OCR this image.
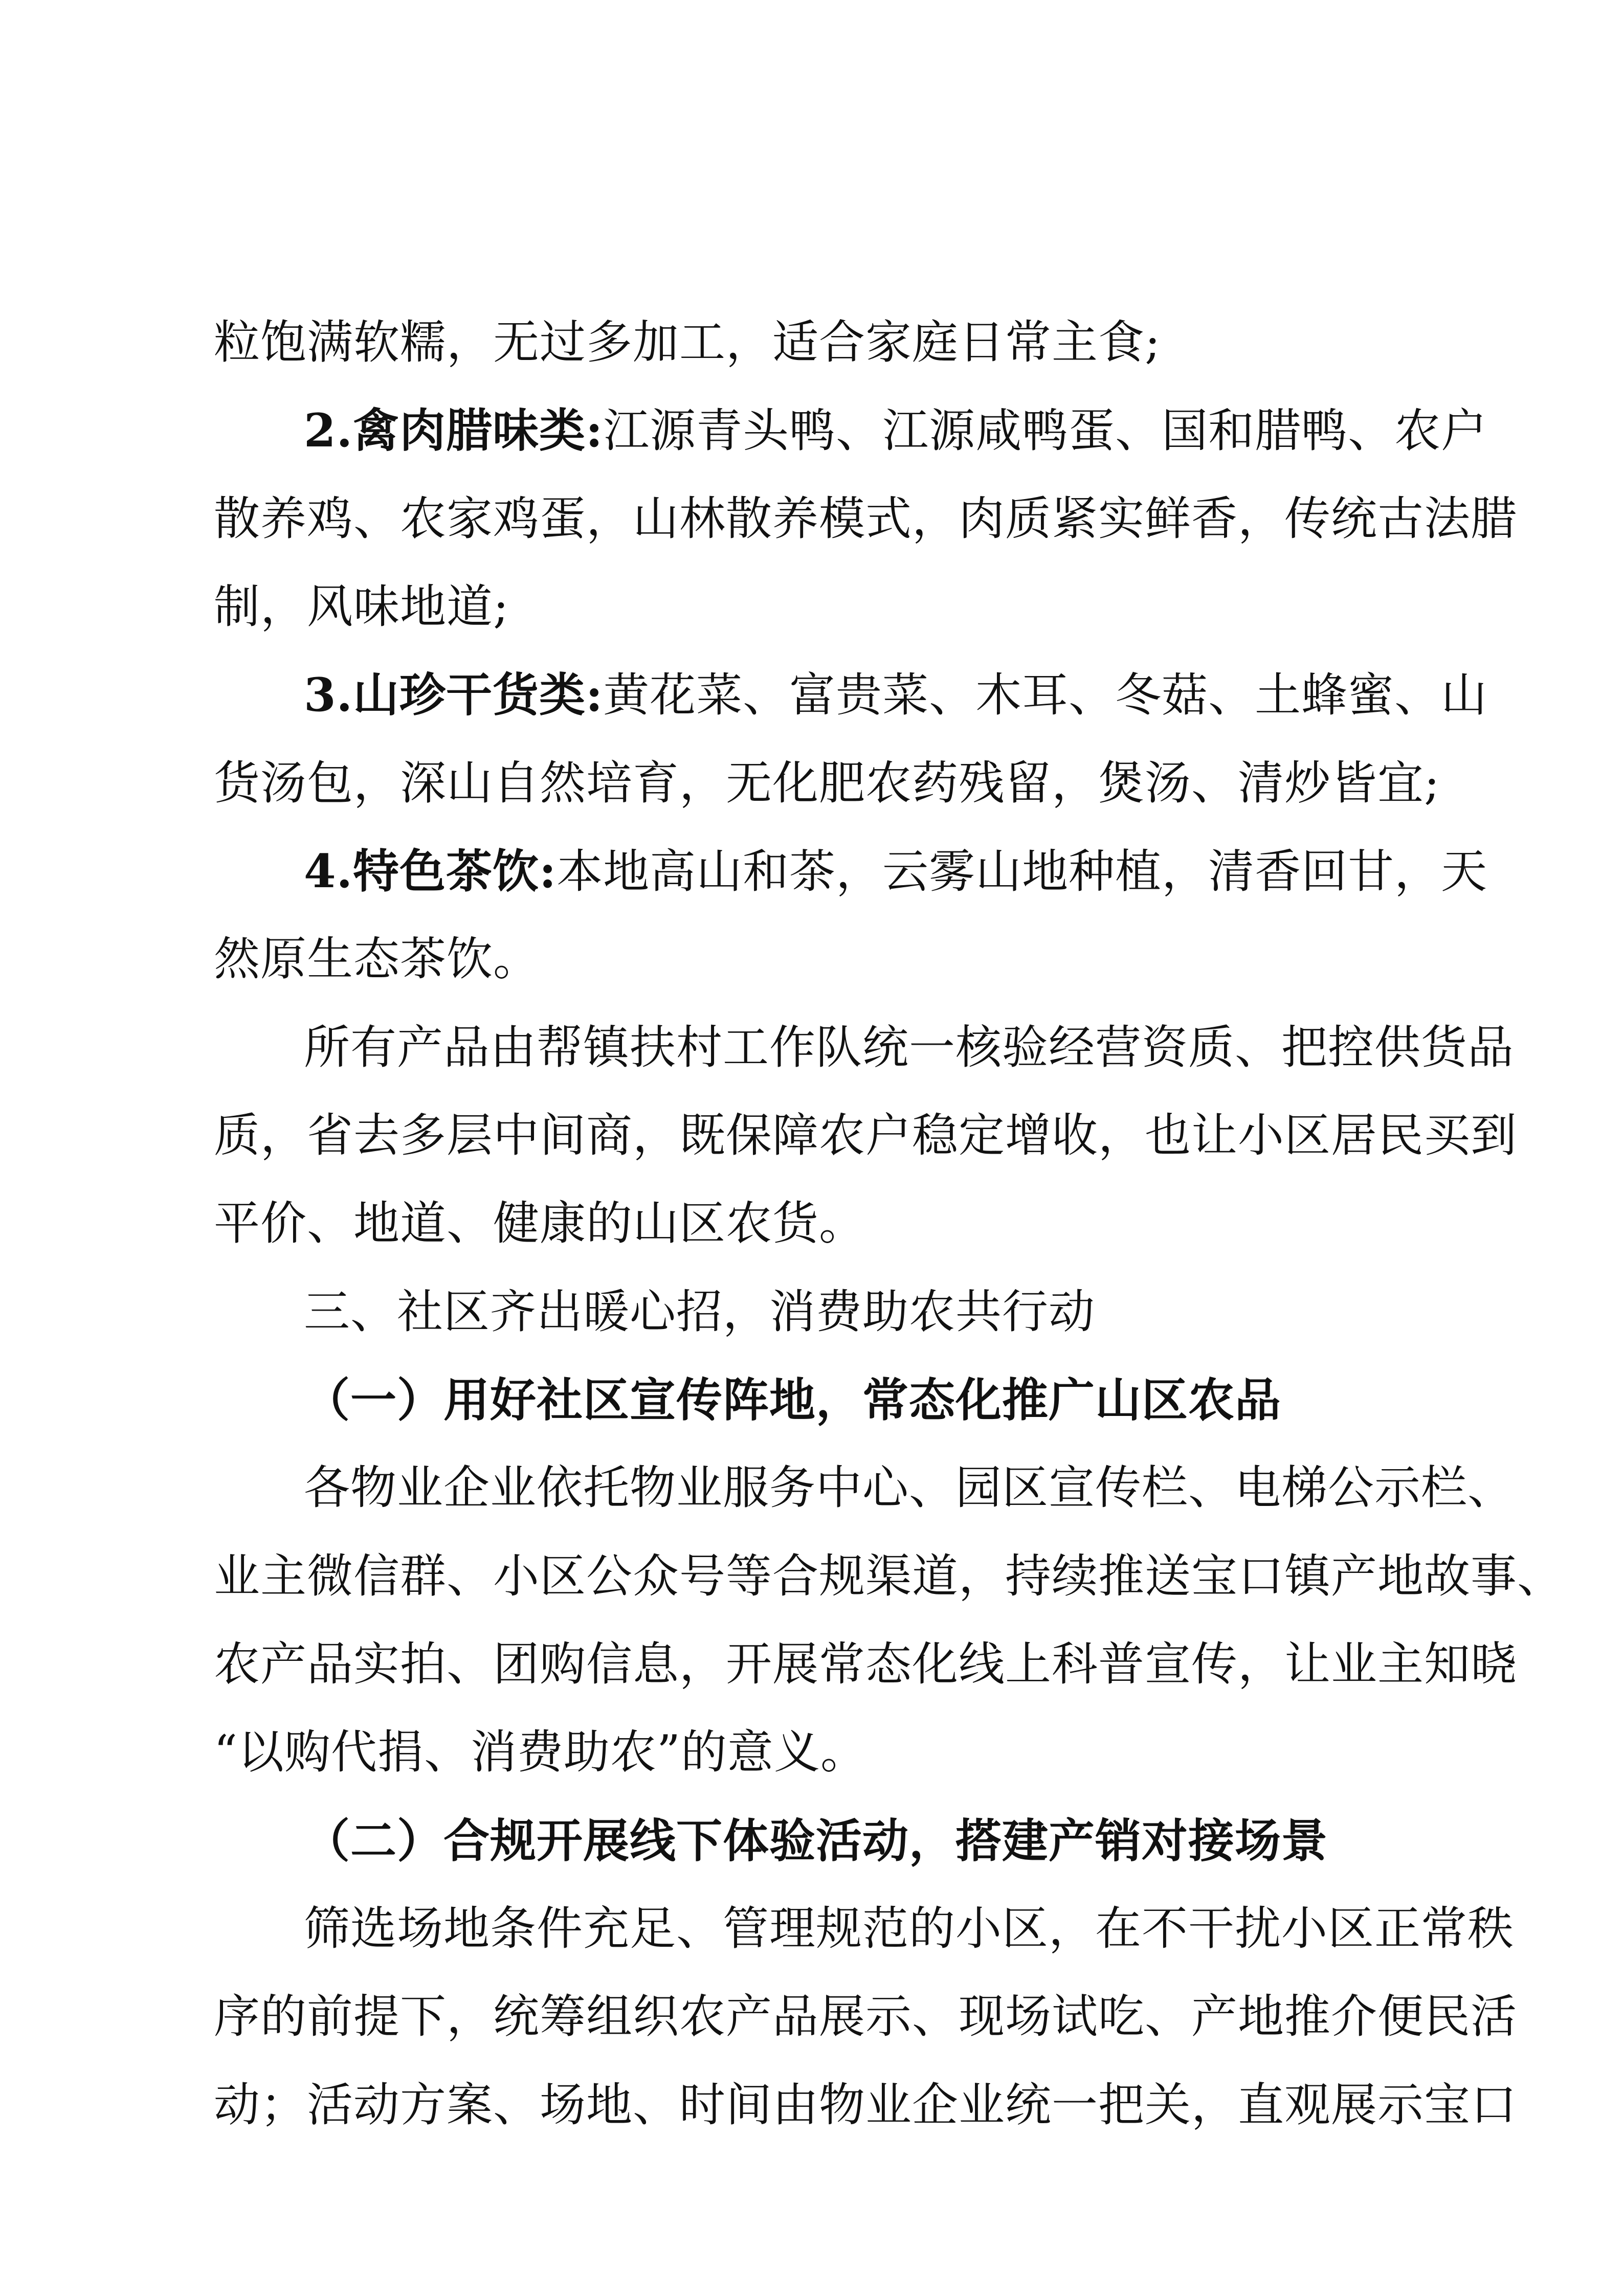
粒饱满软糯，无过多加工，适合家庭日常主食;
2.禽肉腊味类:江源青头鸭、江源咸鸭蛋、国和腊鸭、农户
散养鸡、农家鸡蛋，山林散养模式，肉质紧实鲜香，传统古法腊
制，风味地道;
3.山珍干货类:黄花菜、富贵菜、木耳、冬菇、土蜂蜜、山
货汤包，深山自然培育，无化肥农药残留，煲汤、清炒皆宜;
4.特色茶饮:本地高山和茶，云雾山地种植，清香回甘，天
然原生态茶饮。
所有产品由帮镇扶村工作队统一核验经营资质、把控供货品
质，省去多层中间商，既保障农户稳定增收，也让小区居民买到
平价、地道、健康的山区农货。
三、社区齐出暖心招，消费助农共行动
（一）用好社区宣传阵地，常态化推广山区农品
各物业企业依托物业服务中心、园区宣传栏、电梯公示栏、
业主微信群、小区公众号等合规渠道，持续推送宝口镇产地故事、
农产品实拍、团购信息，开展常态化线上科普宣传，让业主知晓
“以购代捐、消费助农”的意义。
（二）合规开展线下体验活动，搭建产销对接场景
筛选场地条件充足、管理规范的小区，在不干扰小区正常秩
序的前提下，统筹组织农产品展示、现场试吃、产地推介便民活
动；活动方案、场地、时间由物业企业统一把关，直观展示宝口
